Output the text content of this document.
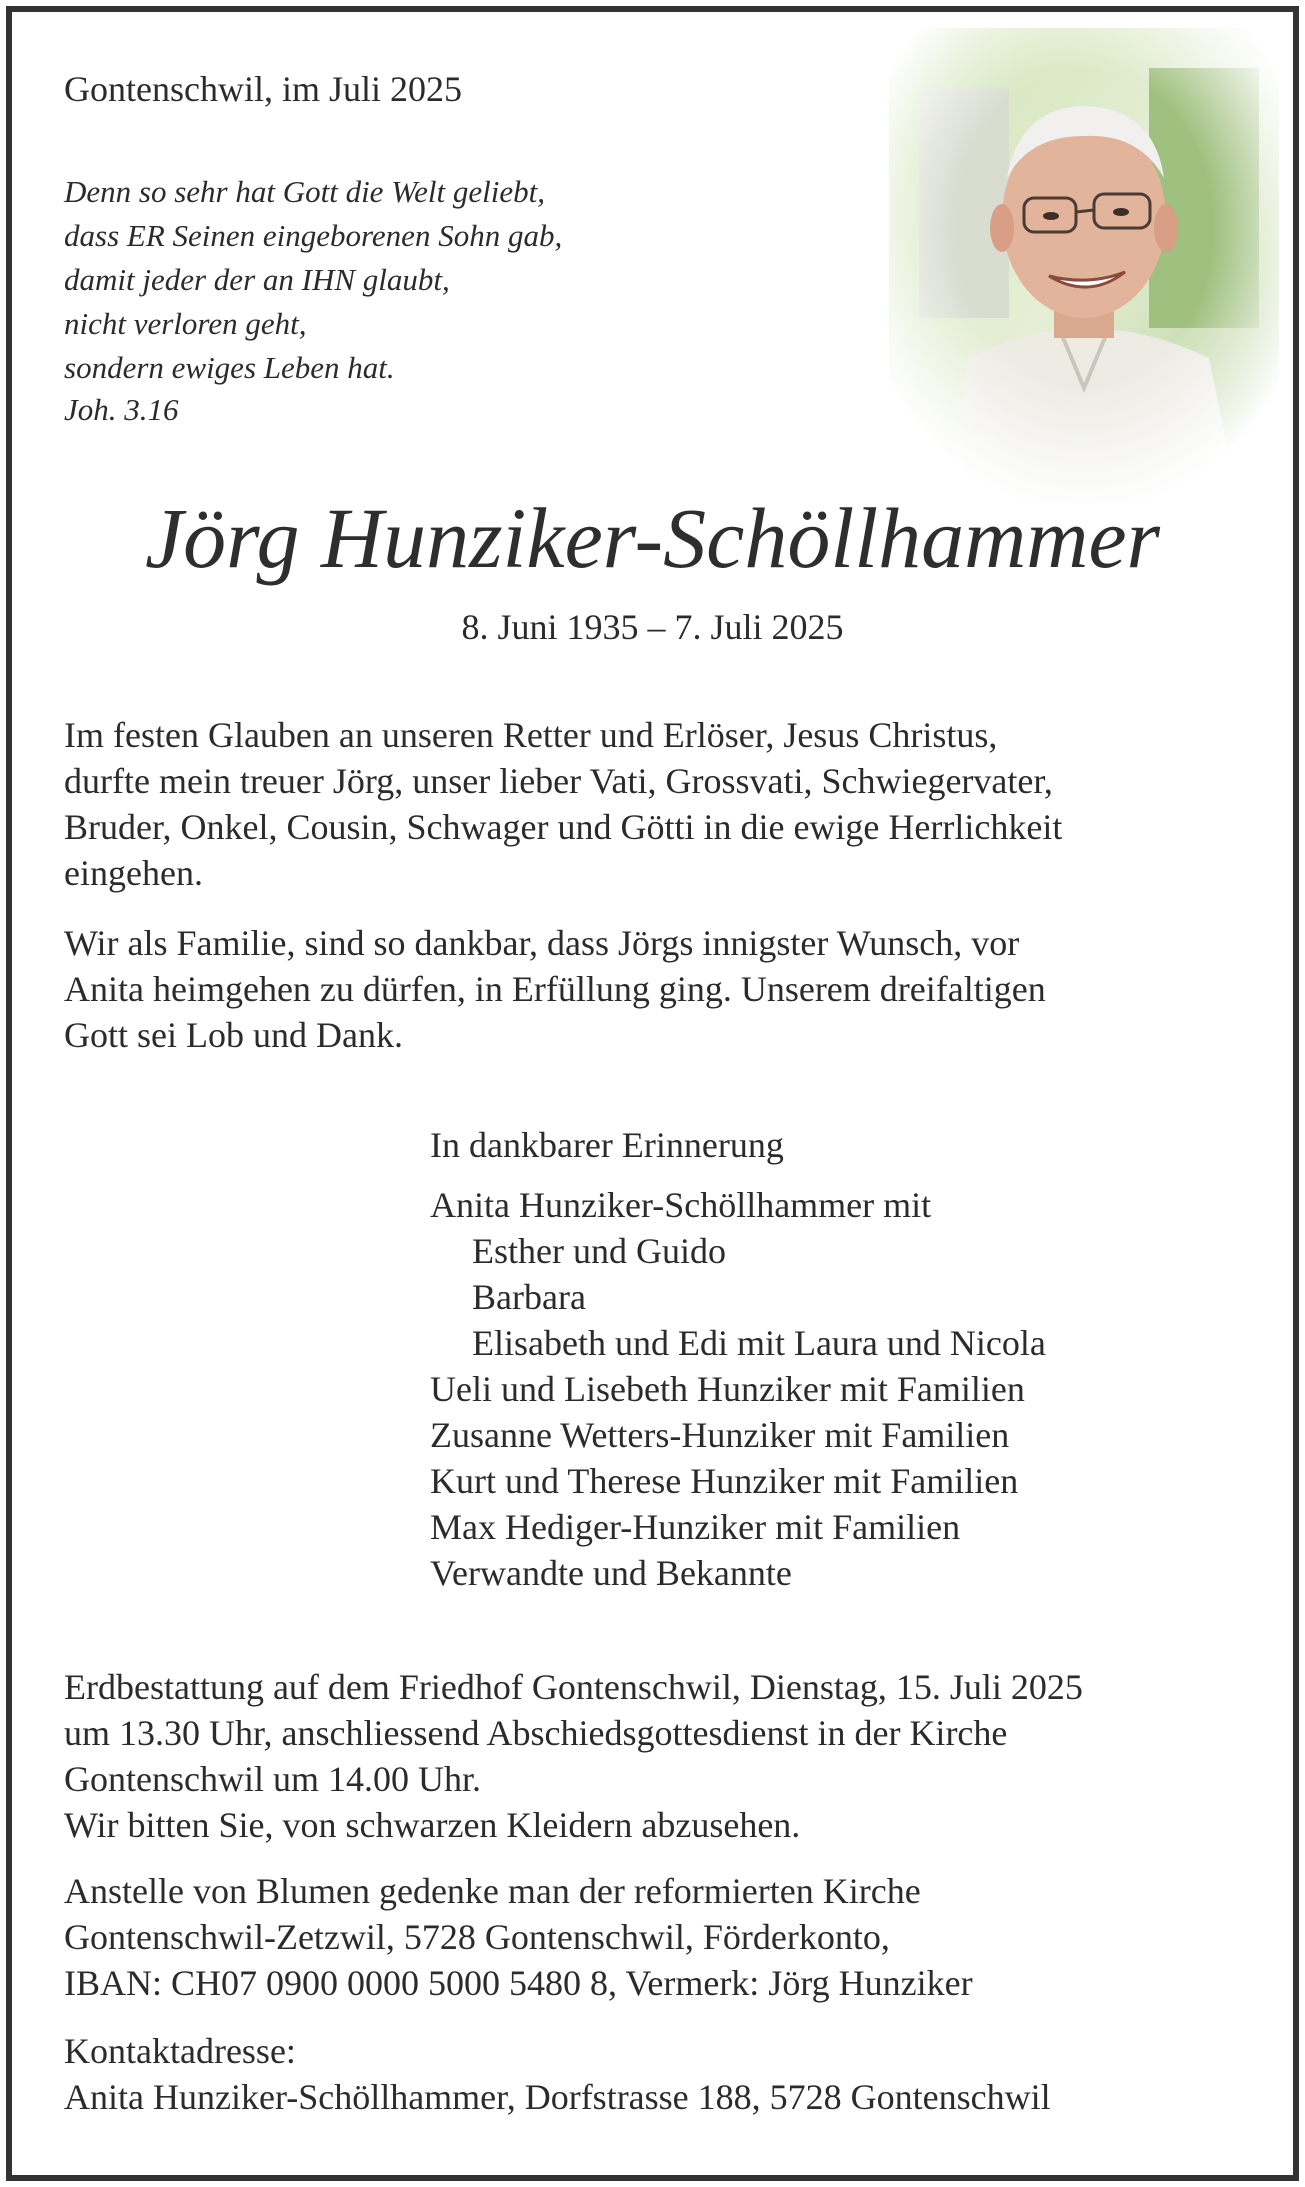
Gontenschwil, im Juli 2025
Denn so sehr hat Gott die Welt geliebt,
dass ER Seinen eingeborenen Sohn gab,
damit jeder der an IHN glaubt,
nicht verloren geht,
sondern ewiges Leben hat.
Joh. 3.16
Jörg Hunziker-Schöllhammer
8. Juni 1935 – 7. Juli 2025

Im festen Glauben an unseren Retter und Erlöser, Jesus Christus,

durfte mein treuer Jörg, unser lieber Vati, Grossvati, Schwiegervater,

Bruder, Onkel, Cousin, Schwager und Götti in die ewige Herrlichkeit

eingehen.

Wir als Familie, sind so dankbar, dass Jörgs innigster Wunsch, vor

Anita heimgehen zu dürfen, in Erfüllung ging. Unserem dreifaltigen

Gott sei Lob und Dank.

In dankbarer Erinnerung
Anita Hunziker-Schöllhammer mit
Esther und Guido
Barbara
Elisabeth und Edi mit Laura und Nicola
Ueli und Lisebeth Hunziker mit Familien
Zusanne Wetters-Hunziker mit Familien
Kurt und Therese Hunziker mit Familien
Max Hediger-Hunziker mit Familien
Verwandte und Bekannte

Erdbestattung auf dem Friedhof Gontenschwil, Dienstag, 15. Juli 2025

um 13.30 Uhr, anschliessend Abschiedsgottesdienst in der Kirche

Gontenschwil um 14.00 Uhr.

Wir bitten Sie, von schwarzen Kleidern abzusehen.

Anstelle von Blumen gedenke man der reformierten Kirche

Gontenschwil-Zetzwil, 5728 Gontenschwil, Förderkonto,

IBAN: CH07 0900 0000 5000 5480 8, Vermerk: Jörg Hunziker

Kontaktadresse:

Anita Hunziker-Schöllhammer, Dorfstrasse 188, 5728 Gontenschwil
